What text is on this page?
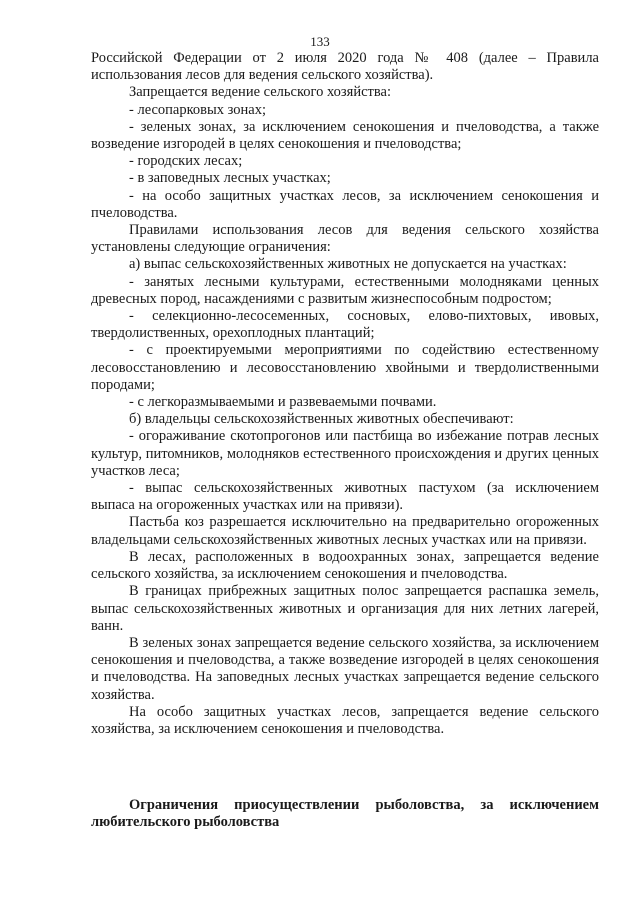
133

Российской Федерации от 2 июля 2020 года № 408 (далее – Правила использования лесов для ведения сельского хозяйства).

Запрещается ведение сельского хозяйства:

- лесопарковых зонах;

- зеленых зонах, за исключением сенокошения и пчеловодства, а также возведение изгородей в целях сенокошения и пчеловодства;

- городских лесах;

- в заповедных лесных участках;

- на особо защитных участках лесов, за исключением сенокошения и пчеловодства.

Правилами использования лесов для ведения сельского хозяйства установлены следующие ограничения:

а) выпас сельскохозяйственных животных не допускается на участках:

- занятых лесными культурами, естественными молодняками ценных древесных пород, насаждениями с развитым жизнеспособным подростом;

- селекционно-лесосеменных, сосновых, елово-пихтовых, ивовых, твердолиственных, орехоплодных плантаций;

- с проектируемыми мероприятиями по содействию естественному лесовосстановлению и лесовосстановлению хвойными и твердолиственными породами;

- с легкоразмываемыми и развеваемыми почвами.

б) владельцы сельскохозяйственных животных обеспечивают:

- огораживание скотопрогонов или пастбища во избежание потрав лесных культур, питомников, молодняков естественного происхождения и других ценных участков леса;

- выпас сельскохозяйственных животных пастухом (за исключением выпаса на огороженных участках или на привязи).

Пастьба коз разрешается исключительно на предварительно огороженных владельцами сельскохозяйственных животных лесных участках или на привязи.

В лесах, расположенных в водоохранных зонах, запрещается ведение сельского хозяйства, за исключением сенокошения и пчеловодства.

В границах прибрежных защитных полос запрещается распашка земель, выпас сельскохозяйственных животных и организация для них летних лагерей, ванн.

В зеленых зонах запрещается ведение сельского хозяйства, за исключением сенокошения и пчеловодства, а также возведение изгородей в целях сенокошения и пчеловодства. На заповедных лесных участках запрещается ведение сельского хозяйства.

На особо защитных участках лесов, запрещается ведение сельского хозяйства, за исключением сенокошения и пчеловодства.

Ограничения приосуществлении рыболовства, за исключением любительского рыболовства
